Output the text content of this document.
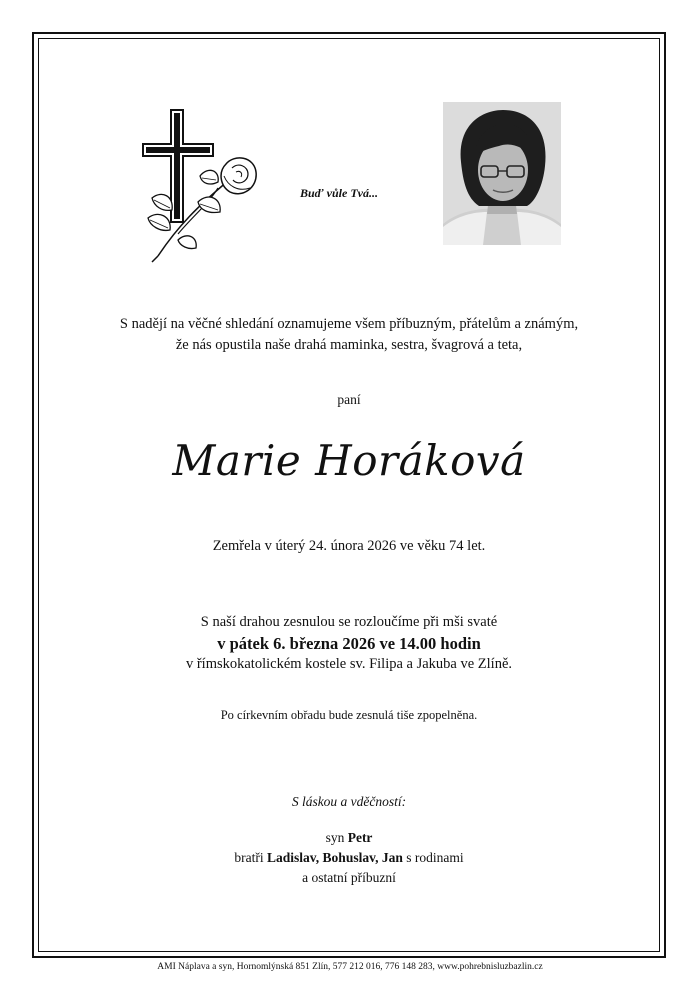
Buď vůle Tvá...
S nadějí na věčné shledání oznamujeme všem příbuzným, přátelům a známým,
že nás opustila naše drahá maminka, sestra, švagrová a teta,
paní
Marie Horáková
Zemřela v úterý 24. února 2026 ve věku 74 let.
S naší drahou zesnulou se rozloučíme při mši svaté
v pátek 6. března 2026 ve 14.00 hodin
v římskokatolickém kostele sv. Filipa a Jakuba ve Zlíně.
Po církevním obřadu bude zesnulá tiše zpopelněna.
S láskou a vděčností:
syn Petr
bratři Ladislav, Bohuslav, Jan s rodinami
a ostatní příbuzní
AMI Náplava a syn, Hornomlýnská 851 Zlín, 577 212 016, 776 148 283, www.pohrebnisluzbazlin.cz
